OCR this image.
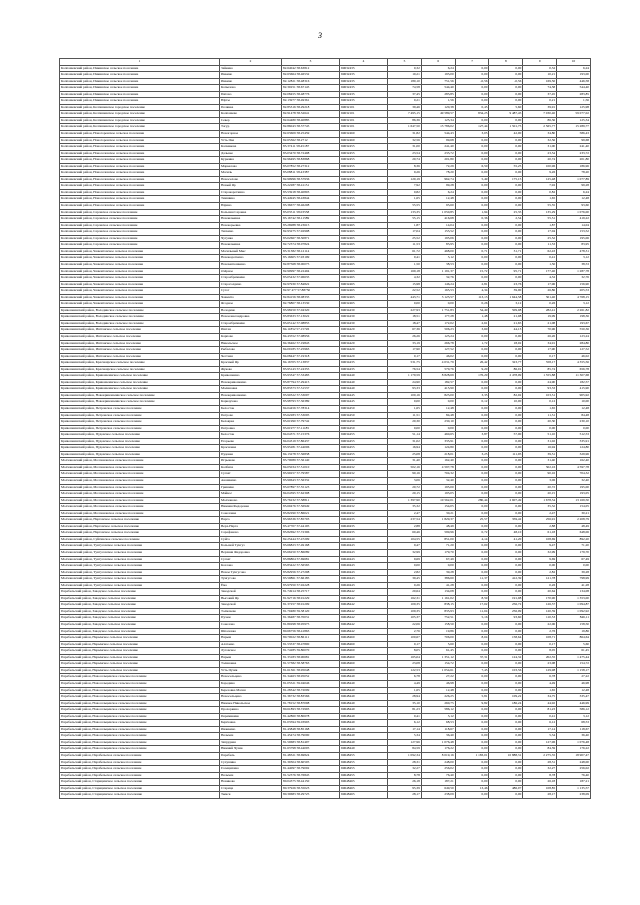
3
1	2	3	4	5	6	7	8	9	10
Колпашевский район, Инкинское сельское поселение	Зайкино	82.64042 58.63812	69632435	0,32	6,24	0,00	0,00	0,32	6,24
Колпашевский район, Инкинское сельское поселение	Инкино	82.63664 58.46532	69632435	10,21	193,00	0,00	0,00	10,21	193,00
Колпашевский район, Инкинское сельское поселение	Инкино	82.12821 58.48316	69632435	180,10	751,56	-0,56	-0,56	169,50	446,58
Колпашевский район, Инкинское сельское поселение	Копылово	82.30251 58.67145	69632435	74,58	544,40	0,00	0,00	74,58	544,40
Колпашевский район, Инкинское сельское поселение	Пятово	82.08455 58.48776	69632435	37,45	283,85	0,00	0,00	37,45	283,85
Колпашевский район, Инкинское сельское поселение	Юрты	82.13977 58.49361	69632435	0,21	1,56	0,00	0,00	0,21	1,56
Колпашевский район, Колпашевское городское поселение	Полянка	82.85316 58.29218	69632101	39,46	120,38	0,45	5,60	39,91	125,98
Колпашевский район, Колпашевское городское поселение	Колпашево	82.91478 58.32641	69632101	7 495,15	49 589,57	834,25	9 487,45	7 030,40	59 077,02
Колпашевский район, Колпашевское городское поселение	Север	82.64480 58.40885	69632101	86,36	125,34	0,00	0,00	86,36	125,34
Колпашевский район, Колпашевское городское поселение	Тогур	82.86043 58.37745	69632101	1 647,50	13 786,02	127,44	1 501,75	2 565,77	15 289,77
Колпашевский район, Новогоренское сельское поселение	Новогорное	82.63609 58.25459	69632460	31,82	544,43	3,05	42,00	34,80	586,43
Колпашевский район, Новогоренское сельское поселение	Усть-Чая	82.65362 58.2712	69632460	32,56	99,68	0,00	0,00	32,56	99,68
Колпашевский район, Новоселовское сельское поселение	Калмакова	83.37411 58.45187	69632455	31,00	241,40	0,00	0,00	31,00	241,40
Колпашевский район, Новоселовское сельское поселение	Дальнее	83.03470 58.72498	69632455	23,54	233,72	0,00	0,00	23,54	233,72
Колпашевский район, Новоселовское сельское поселение	Куржина	82.96495 58.83868	69632455	20,74	201,80	0,00	0,00	20,74	201,80
Колпашевский район, Новоселовское сельское поселение	Маркелово	83.07852 58.27312	69632455	8,36	72,29	6,50	55,25	100,96	186,96
Колпашевский район, Новоселовское сельское поселение	Могиль	83.08811 58.43387	69632455	9,26	78,20	0,00	0,00	9,26	78,20
Колпашевский район, Новоселовское сельское поселение	Новоселово	82.99996 58.57936	69632455	120,19	962,74	5,49	175,15	125,48	1 077,89
Колпашевский район, Новоселовское сельское поселение	Новый Яр	83.22287 58.41151	69632455	7,92	99,28	0,00	0,00	7,92	99,28
Колпашевский район, Новоселовское сельское поселение	Старокороткино	83.53918 58.40803	69632455	0,82	6,24	0,00	0,00	0,82	6,24
Колпашевский район, Новоселовское сельское поселение	Тимшино	83.44945 58.43844	69632455	1,65	12,48	0,00	0,00	1,65	12,48
Колпашевский район, Новоселовское сельское поселение	Юдино	83.36677 58.46208	69632455	55,55	93,60	0,00	0,00	55,55	93,60
Колпашевский район, Саровское сельское поселение	Большая Саровка	83.03511 58.03558	69632465	133,35	1 050,85	1,94	25,35	135,29	1 076,00
Колпашевский район, Саровское сельское поселение	Новоильинка	83.16742 58.11589	69632465	55,15	416,68	0,36	2,54	55,51	419,22
Колпашевский район, Саровское сельское поселение	Новоюрьевка	83.26988 58.23615	69632465	1,87	14,04	0,00	0,00	1,87	14,04
Колпашевский район, Саровское сельское поселение	Тискино	82.93275 57.92998	69632465	17,04	153,52	0,00	0,00	17,04	153,52
Колпашевский район, Саровское сельское поселение	Чугунка	83.02667 58.30871	69632465	25,52	195,06	0,00	0,00	25,52	195,06
Колпашевский район, Саровское сельское поселение	Новоильинка	82.72374 58.07824	69632465	11,53	83,95	0,00	0,00	11,53	83,95
Колпашевский район, Чажемтовское сельское поселение	Могильный Мыс	83.31382 58.12114	69632465	61,72	468,00	0,71	31,71	62,43	478,31
Колпашевский район, Чажемтовское сельское поселение	Новокороткино	83.16605 57.93199	69632465	0,41	3,12	0,00	0,00	0,41	3,12
Колпашевский район, Чажемтовское сельское поселение	Новоматюшкино	82.87568 58.00075	69632465	1,50	38,53	0,00	0,00	1,50	38,53
Колпашевский район, Чажемтовское сельское поселение	Озёрное	82.90997 58.22494	69632465	169,18	1 191,37	15,72	95,71	177,40	1 287,78
Колпашевский район, Чажемтовское сельское поселение	Староабрамкино	83.05432 57.96635	69632465	4,32	32,76	0,00	0,00	4,32	32,76
Колпашевский район, Чажемтовское сельское поселение	Староголдино	82.97930 57.84822	69632465	15,98	146,24	2,81	23,76	17,96	156,90
Колпашевский район, Чажемтовское сельское поселение	Сугот	82.97 477 57.88750	69632465	22,52	165,53	4,34	39,90	26,86	205,53
Колпашевский район, Чажемтовское сельское поселение	Чажемто	82.84156 58.08335	69632465	443,71	3 123,57	113,13	1 644,58	501,40	4 768,15
Колпашевский район, Чажемтовское сельское поселение	Ягодное	82.76807 58.13530	69632465	0,00	0,00	0,26	3,12	0,26	3,12
Кривошеинский район, Володинское сельское поселение	Володино	83.98250 57.04320	69634430	227,93	1 751,83	54,49	509,98	282,41	2 261,82
Кривошеинский район, Володинское сельское поселение	Новоалександровка	83.83633 57.13022	69634430	18,51	177,28	1,48	21,08	19,99	198,36
Кривошеинский район, Володинское сельское поселение	Староабрамкино	83.65142 57.08855	69634430	18,47	172,02	2,61	21,65	21,08	193,67
Кривошеинский район, Иштанское сельское поселение	Иштан	84.11852 57.15726	69634420	67,36	506,23	3,60	44,13	70,96	550,36
Кривошеинский район, Иштанское сельское поселение	Карпово	84.43552 57.08956	69634420	26,26	123,24	0,00	0,00	26,26	123,24
Кривошеинский район, Иштанское сельское поселение	Никольское	84.36462 57.19843	69634420	33,19	266,78	1,72	18,02	34,91	284,80
Кривошеинский район, Иштанское сельское поселение	Рыбалово	84.09185 57.25963	69634420	17,90	127,52	0,00	0,00	17,90	127,52
Кривошеинский район, Иштанское сельское поселение	Честная	84.08447 57.19318	69634420	0,17	46,02	0,00	0,00	0,17	46,02
Кривошеинский район, Красноярское сельское поселение	Красный Яр	84.16705 57.13837	69634435	531,75	4 031,79	26,42	323,77	558,17	4 355,56
Кривошеинский район, Красноярское сельское поселение	Жуково	83.95143 57.24355	69634435	76,54	570,76	9,20	86,01	85,74	656,78
Кривошеинский район, Кривошеинское сельское поселение	Кривошеино	83.93347 57.33483	69634440	1 179,59	8 828,69	176,29	2 478,99	1 355,88	11 307,68
Кривошеинский район, Кривошеинское сельское поселение	Новокривошеино	83.87794 57.29415	69634440	24,90	182,57	0,00	0,00	24,90	182,57
Кривошеинский район, Кривошеинское сельское поселение	Малиновка	83.83373 57.31537	69634440	93,33	415,90	0,00	0,00	93,33	415,90
Кривошеинский район, Новокривошеинское сельское поселение	Новокривошеино	83.90322 57.33097	69634445	100,16	823,00	3,35	82,92	103,51	905,92
Кривошеинский район, Новокривошеинское сельское поселение	Карнаухово	83.98793 57.36389	69634445	0,00	0,00	0,12	10,00	0,12	10,00
Кривошеинский район, Петровское сельское поселение	Белосток	84.04456 57.78314	69634450	1,65	12,48	0,00	0,00	1,65	12,48
Кривошеинский район, Петровское сельское поселение	Петрово	83.62283 57.53095	69634450	11,51	84,48	0,00	0,00	11,51	84,48
Кривошеинский район, Петровское сельское поселение	Белоярка	83.61990 57.79742	69634450	20,30	230,10	0,00	0,00	20,30	230,10
Кривошеинский район, Петровское сельское поселение	Петровка	83.61977 57.11185	69634450	0,00	0,00	0,00	0,00	0,00	0,00
Кривошеинский район, Пудовское сельское поселение	Белосток	84.04371 57.15376	69634455	51,14	460,65	3,87	57,90	51,10	512,53
Кривошеинский район, Пудовское сельское поселение	Егорьево	84.04319 57.86437	69634455	31,02	335,91	0,00	0,00	31,02	335,91
Кривошеинский район, Пудовское сельское поселение	Красновка	83.95281 57.44006	69634455	16,94	124,80	0,00	0,00	16,94	124,80
Кривошеинский район, Пудовское сельское поселение	Пудовка	84.13278 57.36838	69634455	25,08	218,01	3,25	111,95	39,51	329,96
Молчановский район, Молчановское сельское поселение	Игрыково	83.79089 57.36140	69640432	31,40	162,40	0,00	0,00	31,40	162,40
Молчановский район, Молчановское сельское поселение	Колбиха	84.05034 57.51010	69640432	502,16	4 597,78	0,00	0,00	502,16	4 597,78
Молчановский район, Молчановское сельское поселение	Сулзат	83.99257 57.79587	69640432	90,16	704,32	0,00	0,00	90,16	704,32
Молчановский район, Молчановское сельское поселение	Анашкино	83.99643 57.56332	69640432	3,06	32,40	0,00	0,00	3,06	32,40
Молчановский район, Молчановское сельское поселение	Гришино	83.67897 57.55123	69640432	20,72	195,00	0,00	0,00	20,72	195,00
Молчановский район, Молчановское сельское поселение	Майкос	84.04395 57.62308	69640432	20,15	193,05	0,00	0,00	20,15	193,05
Молчановский район, Молчановское сельское поселение	Молчаново	83.76232 57.58811	69640432	1 397,90	10 562,01	280,44	2 607,49	1 678,34	13 169,50
Молчановский район, Молчановское сельское поселение	Нижняя Федоровка	83.69476 57.56949	69640432	35,32	154,05	0,00	0,00	35,32	154,05
Молчановский район, Молчановское сельское поселение	Соколовка	83.82290 57.86021	69640432	2,47	30,21	0,00	0,00	2,47	30,21
Молчановский район, Нарговское сельское поселение	Нарга	83.96336 57.85703	69640435	237,54	1 829,37	25,57	359,42	256,91	2 208,79
Молчановский район, Нарговское сельское поселение	Верх-Нарга	83.47707 57.44195	69640435	2,88	48,49	0,00	0,00	2,88	48,49
Молчановский район, Нарговское сельское поселение	Сарафаново	83.82692 57.72396	69640435	60,46	599,96	0,72	48,10	61,18	648,06
Молчановский район, Суйгинское сельское поселение	Суйга	82.25444 57.47209	69640440	104,55	851,00	4,14	41,20	108,69	892,20
Молчановский район, Тунгусовское сельское поселение	Большой Тунгуз	83.66823 57.49168	69640443	9,47	71,20	0,00	0,00	9,47	71,20
Молчановский район, Тунгусовское сельское поселение	Верхняя Федоровка	83.66250 57.86089	69640443	32,99	179,70	0,00	0,00	32,99	179,70
Молчановский район, Тунгусовское сельское поселение	Сулзат	83.86804 57.69681	69640443	9,69	67,49	0,00	0,00	9,69	67,49
Молчановский район, Тунгусовское сельское поселение	Козлово	83.83422 57.56565	69640443	0,00	0,00	0,00	0,00	0,00	0,00
Молчановский район, Тунгусовское сельское поселение	Новое Тунгусово	83.82956 57.27298	69640443	2,82	39,28	0,00	0,00	2,82	39,28
Молчановский район, Тунгусовское сельское поселение	Тунгусово	83.59861 57.66185	69640443	39,45	386,60	11,37	412,39	121,78	798,99
Молчановский район, Тунгусовское сельское поселение	Ёма	83.97950 57.92228	69640443	0,26	41,28	0,00	0,00	0,26	41,28
Парабельский район, Заводское сельское поселение	Заводской	81.74914 58.25717	69648442	20,64	134,08	0,00	0,00	20,64	134,08
Парабельский район, Заводское сельское поселение	Высокий Яр	81.92716 58.91229	69648442	162,31	1 161,02	8,59	191,98	170,90	1 353,00
Парабельский район, Заводское сельское поселение	Заводской	81.37257 58.91209	69648442	109,35	838,15	17,02	256,72	126,37	1 094,87
Парабельский район, Заводское сельское поселение	Толмачево	81.70480 59.38120	69648442	109,35	835,93	11,04	256,99	120,39	1 092,92
Парабельский район, Заводское сельское поселение	Пучеж	81.36487 58.70031	69648442	105,37	752,51	5,16	93,60	110,53	846,11
Парабельский район, Заводское сельское поселение	Соколово	81.80298 58.95975	69648442	22,06	158,50	0,00	0,00	22,06	158,50
Парабельский район, Заводское сельское поселение	Шпаловка	80.66756 58.41863	69648442	2,76	19,86	0,00	0,00	2,76	19,86
Парабельский район, Нарымское сельское поселение	Нарым	80.70022 58.86111	69648460	100,67	706,00	8,04	158,64	108,71	864,64
Парабельский район, Нарымское сельское поселение	Алатаево	81.53537 58.47800	69648460	0,17	5,60	0,00	0,00	0,17	5,60
Парабельский район, Нарымское сельское поселение	Луговское	81.74285 59.80070	69648460	8,05	61,45	0,00	0,00	8,05	61,45
Парабельский район, Нарымское сельское поселение	Нарым	81.33183 58.90681	69648460	165,04	1 351,12	37,31	124,32	202,35	1 475,44
Парабельский район, Нарымское сельское поселение	Талиновка	81.57382 58.58763	69648460	23,08	154,72	0,00	0,00	23,08	154,72
Парабельский район, Нарымское сельское поселение	Усть-Чузик	81.61361 58.95048	69648460	122,53	1 054,61	7,45	103,56	129,98	1 158,17
Парабельский район, Новосельцевское сельское поселение	Новосельцево	81.34463 58.95052	69648449	6,78	27,22	0,00	0,00	6,78	27,22
Парабельский район, Новосельцевское сельское поселение	Бородино	81.05521 59.04046	69648449	4,49	46,98	0,00	0,00	4,49	46,98
Парабельский район, Новосельцевское сельское поселение	Березовка Малая	81.28342 58.72009	69648449	1,65	12,48	0,00	0,00	1,65	12,48
Парабельский район, Новосельцевское сельское поселение	Новосельцево	81.36732 58.83566	69648449	28,94	226,25	5,81	109,22	34,75	335,47
Парабельский район, Новосельцевское сельское поселение	Нижнее Никольское	81.78152 58.87098	69648449	35,10	260,75	9,82	186,24	44,92	446,99
Парабельский район, Новосельцевское сельское поселение	Прохоркино	80.61893 58.72993	69648449	81,23	586,12	0,00	0,00	81,23	586,12
Парабельский район, Новосельцевское сельское поселение	Перемикино	81.42860 58.80678	69648449	0,41	3,12	0,00	0,00	0,41	3,12
Парабельский район, Новосельцевское сельское поселение	Берёзовка	81.03594 59.03993	69648449	6,12	68,53	0,00	0,00	6,12	68,53
Парабельский район, Новосельцевское сельское поселение	Иванкино	81.43848 58.85168	69648449	17,14	118,67	0,00	0,00	17,14	118,67
Парабельский район, Новосельцевское сельское поселение	Нельмач	81.45474 58.79090	69648449	5,34	36,40	0,00	0,00	5,34	36,40
Парабельский район, Новосельцевское сельское поселение	Запрудная	81.59683 58.81497	69648449	127,96	1 076,48	0,00	0,00	127,96	1 076,48
Парабельский район, Новосельцевское сельское поселение	Нижний Чузик	81.63798 58.44005	69648449	84,59	176,22	0,00	0,00	84,59	176,22
Парабельский район, Парабельское сельское поселение	Парабель	81.48321 58.69824	69648455	1 092,34	8 019,16	1 183,01	10 888,31	2 275,35	18 907,47
Парабельский район, Парабельское сельское поселение	Сухушино	81.39304 58.60505	69648455	28,31	248,00	0,00	0,00	28,31	248,00
Парабельский район, Парабельское сельское поселение	Голещихино	81.44097 58.79092	69648455	32,27	256,02	0,00	0,00	32,27	256,02
Парабельский район, Парабельское сельское поселение	Нельмач	81.52376 58.76845	69648455	8,78	76,40	0,00	0,00	8,78	76,40
Парабельский район, Старицинское сельское поселение	Новиково	80.04375 58.44150	69648465	26,18	187,21	0,00	0,00	26,18	187,21
Парабельский район, Старицинское сельское поселение	Старица	80.37926 58.35023	69648465	95,39	649,50	13,46	486,07	108,85	1 135,57
Парабельский район, Старицинское сельское поселение	Тымск	80.39683 58.29725	69648465	28,17	238,09	0,00	0,00	28,17	238,09
